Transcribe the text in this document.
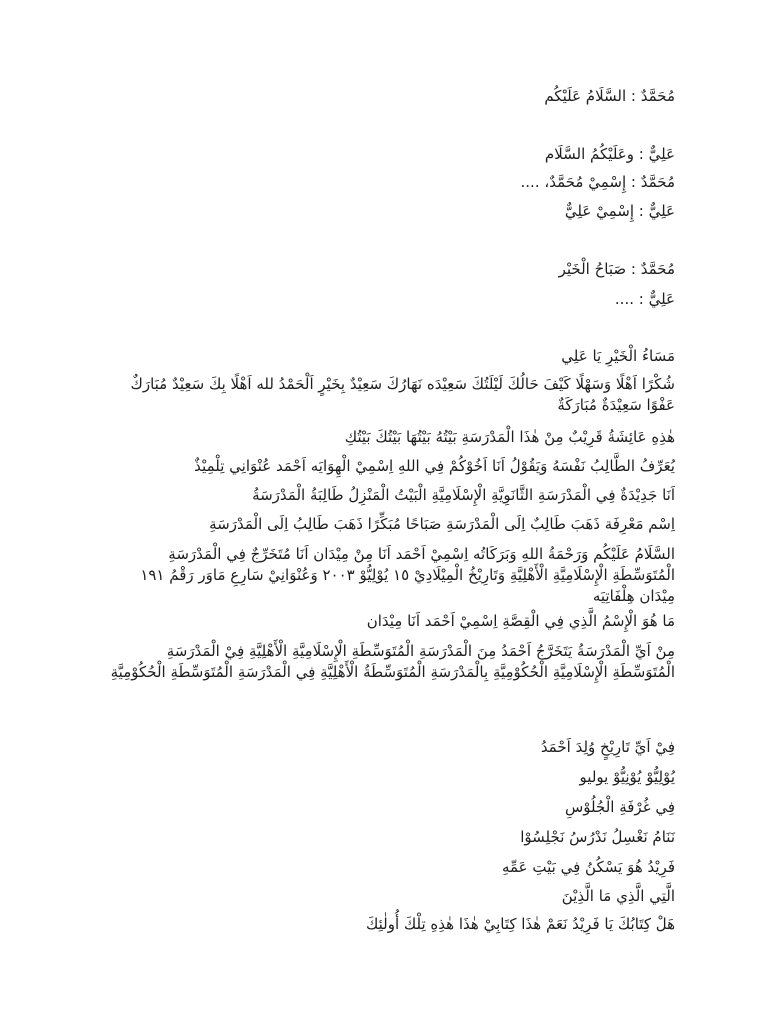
مُحَمَّدٌ : السَّلَامُ عَلَيْكُم

عَلِيٌّ : وعَلَيْكُمُ السَّلَام

مُحَمَّدٌ : إِسْمِيْ مُحَمَّدٌ، ....

عَلِيٌّ : إِسْمِيْ عَلِيٌّ

مُحَمَّدٌ : صَبَاحُ الْخَيْر

عَلِيٌّ : ....

مَسَاءُ الْخَيْرِ يَا عَلِي

شُكْرًا اَهْلًا وَسَهْلًا كَيْفَ حَالُكَ لَيْلَتُكَ سَعِيْدَه نَهَارُكَ سَعِيْدٌ بِخَيْرٍ اَلْحَمْدُ لله اَهْلًا بِكَ سَعِيْدٌ مُبَارَكٌ عَفْوًا سَعِيْدَةٌ مُبَارَكَةٌ

هٰذِهِ عَائِشَةُ قَرِيْبٌ مِنْ هٰذَا الْمَدْرَسَةِ بَيْتُهُ بَيْتُهَا بَيْتُكَ بَيْتُكِ

يُعَرِّفُ الطَّالِبُ نَفْسَهُ وَيَقُوْلُ اَنَا اَخُوْكُمْ فِي اللهِ اِسْمِيْ الْهِوَايَه اَحْمَد عُنْوَانِي تِلْمِيْذٌ

اَنَا جَدِيْدَةٌ فِي الْمَدْرَسَةِ الثَّانَوِيَّةِ الْإِسْلَامِيَّةِ الْبَيْتُ الْمَنْزِلُ طَالِبَةُ الْمَدْرَسَةُ

اِسْم مَعْرِفَة ذَهَبَ طَالِبٌ اِلَى الْمَدْرَسَةِ صَبَاحًا مُبَكِّرًا ذَهَبَ طَالِبُ اِلَى الْمَدْرَسَةِ

السَّلَامُ عَلَيْكُم وَرَحْمَةُ اللهِ وَبَرَكَاتُه اِسْمِيْ اَحْمَد اَنَا مِنْ مِيْدَان اَنَا مُتَخَرِّجٌ فِي الْمَدْرَسَةِ الْمُتَوَسِّطَةِ الْإِسْلَامِيَّةِ الْأَهْلِيَّةِ وَتَارِيْخُ الْمِيْلَادِيْ ١٥ يُوْلِيُّوْ ٢٠٠٣ وَعُنْوَانِيْ سَارِعِ مَاوَر رَقْمُ ١٩١ مِيْدَان هِلْفَاتِيَه

مَا هُوَ الْإِسْمُ الَّذِي فِي الْقِصَّةِ اِسْمِيْ اَحْمَد اَنَا مِيْدَان

مِنْ اَيِّ الْمَدْرَسَةُ يَتَخَرَّجُ اَحْمَدُ مِنَ الْمَدْرَسَةِ الْمُتَوَسِّطَةِ الْإِسْلَامِيَّةِ الْأَهْلِيَّةِ فِيْ الْمَدْرَسَةِ الْمُتَوَسِّطَةِ الْإِسْلَامِيَّةِ الْحُكُوْمِيَّةِ بِالْمَدْرَسَةِ الْمُتَوَسِّطَةُ الْأَهْلِيَّةِ فِي الْمَدْرَسَةِ الْمُتَوَسِّطَةِ الْحُكُوْمِيَّةِ

فِيْ اَيِّ تَارِيْخٍ وُلِدَ اَحْمَدُ

يُوْلِيُّوْ يُوْنِيُّوْ يوليو

فِي غُرْفَةِ الْجُلُوْسِ

نَنَامُ نَغْسِلُ نَدْرُسُ نَجْلِسُوْا

فَرِيْدُ هُوَ يَسْكُنُ فِي بَيْتِ عَمِّهِ

الَّتِي الَّذِي مَا الَّذِيْنَ

هَلْ كِتَابُكَ يَا فَرِيْدُ نَعَمْ هٰذَا كِتَابِيْ هٰذَا هٰذِهِ تِلْكَ أُولٰئِكَ
